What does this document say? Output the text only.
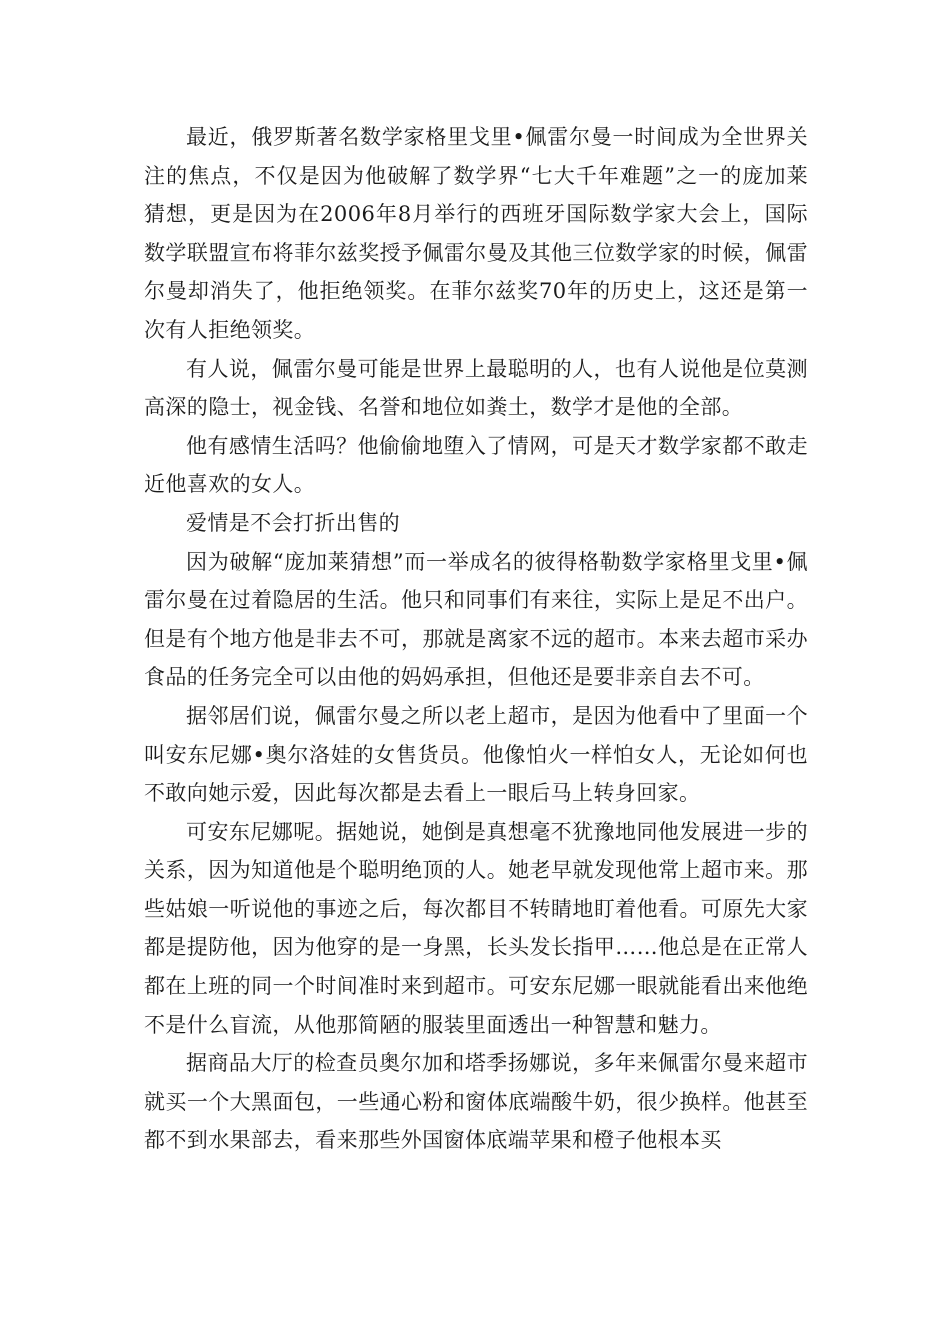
最近，俄罗斯著名数学家格里戈里•佩雷尔曼一时间成为全世界关注的焦点，不仅是因为他破解了数学界“七大千年难题”之一的庞加莱猜想，更是因为在2006年8月举行的西班牙国际数学家大会上，国际数学联盟宣布将菲尔兹奖授予佩雷尔曼及其他三位数学家的时候，佩雷尔曼却消失了，他拒绝领奖。在菲尔兹奖70年的历史上，这还是第一次有人拒绝领奖。

有人说，佩雷尔曼可能是世界上最聪明的人，也有人说他是位莫测高深的隐士，视金钱、名誉和地位如粪土，数学才是他的全部。

他有感情生活吗？他偷偷地堕入了情网，可是天才数学家都不敢走近他喜欢的女人。

爱情是不会打折出售的

因为破解“庞加莱猜想”而一举成名的彼得格勒数学家格里戈里•佩雷尔曼在过着隐居的生活。他只和同事们有来往，实际上是足不出户。但是有个地方他是非去不可，那就是离家不远的超市。本来去超市采办食品的任务完全可以由他的妈妈承担，但他还是要非亲自去不可。

据邻居们说，佩雷尔曼之所以老上超市，是因为他看中了里面一个叫安东尼娜•奥尔洛娃的女售货员。他像怕火一样怕女人，无论如何也不敢向她示爱，因此每次都是去看上一眼后马上转身回家。

可安东尼娜呢。据她说，她倒是真想毫不犹豫地同他发展进一步的关系，因为知道他是个聪明绝顶的人。她老早就发现他常上超市来。那些姑娘一听说他的事迹之后，每次都目不转睛地盯着他看。可原先大家都是提防他，因为他穿的是一身黑，长头发长指甲……他总是在正常人都在上班的同一个时间准时来到超市。可安东尼娜一眼就能看出来他绝不是什么盲流，从他那简陋的服装里面透出一种智慧和魅力。

据商品大厅的检查员奥尔加和塔季扬娜说，多年来佩雷尔曼来超市就买一个大黑面包，一些通心粉和窗体底端酸牛奶，很少换样。他甚至都不到水果部去，看来那些外国窗体底端苹果和橙子他根本买
